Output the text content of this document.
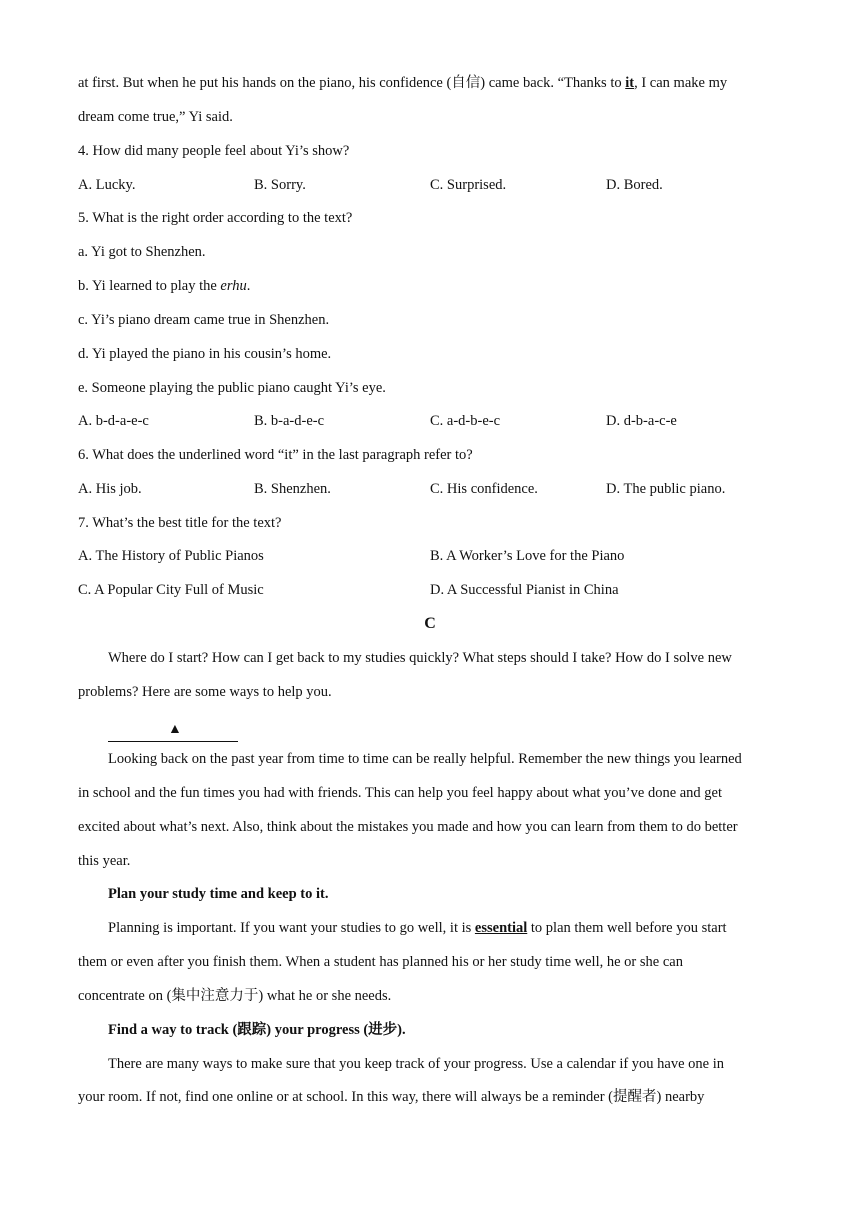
at first. But when he put his hands on the piano, his confidence (自信) came back. “Thanks to it, I can make my
dream come true,” Yi said.
4. How did many people feel about Yi’s show?
A. Lucky.	B. Sorry.	C. Surprised.	D. Bored.
5. What is the right order according to the text?
a. Yi got to Shenzhen.
b. Yi learned to play the erhu.
c. Yi’s piano dream came true in Shenzhen.
d. Yi played the piano in his cousin’s home.
e. Someone playing the public piano caught Yi’s eye.
A. b-d-a-e-c	B. b-a-d-e-c	C. a-d-b-e-c	D. d-b-a-c-e
6. What does the underlined word “it” in the last paragraph refer to?
A. His job.	B. Shenzhen.	C. His confidence.	D. The public piano.
7. What’s the best title for the text?
A. The History of Public Pianos	B. A Worker’s Love for the Piano
C. A Popular City Full of Music	D. A Successful Pianist in China
C
Where do I start? How can I get back to my studies quickly? What steps should I take? How do I solve new
problems? Here are some ways to help you.
▲
Looking back on the past year from time to time can be really helpful. Remember the new things you learned
in school and the fun times you had with friends. This can help you feel happy about what you’ve done and get
excited about what’s next. Also, think about the mistakes you made and how you can learn from them to do better
this year.
Plan your study time and keep to it.
Planning is important. If you want your studies to go well, it is essential to plan them well before you start
them or even after you finish them. When a student has planned his or her study time well, he or she can
concentrate on (集中注意力于) what he or she needs.
Find a way to track (跟踪) your progress (进步).
There are many ways to make sure that you keep track of your progress. Use a calendar if you have one in
your room. If not, find one online or at school. In this way, there will always be a reminder (提醒者) nearby
